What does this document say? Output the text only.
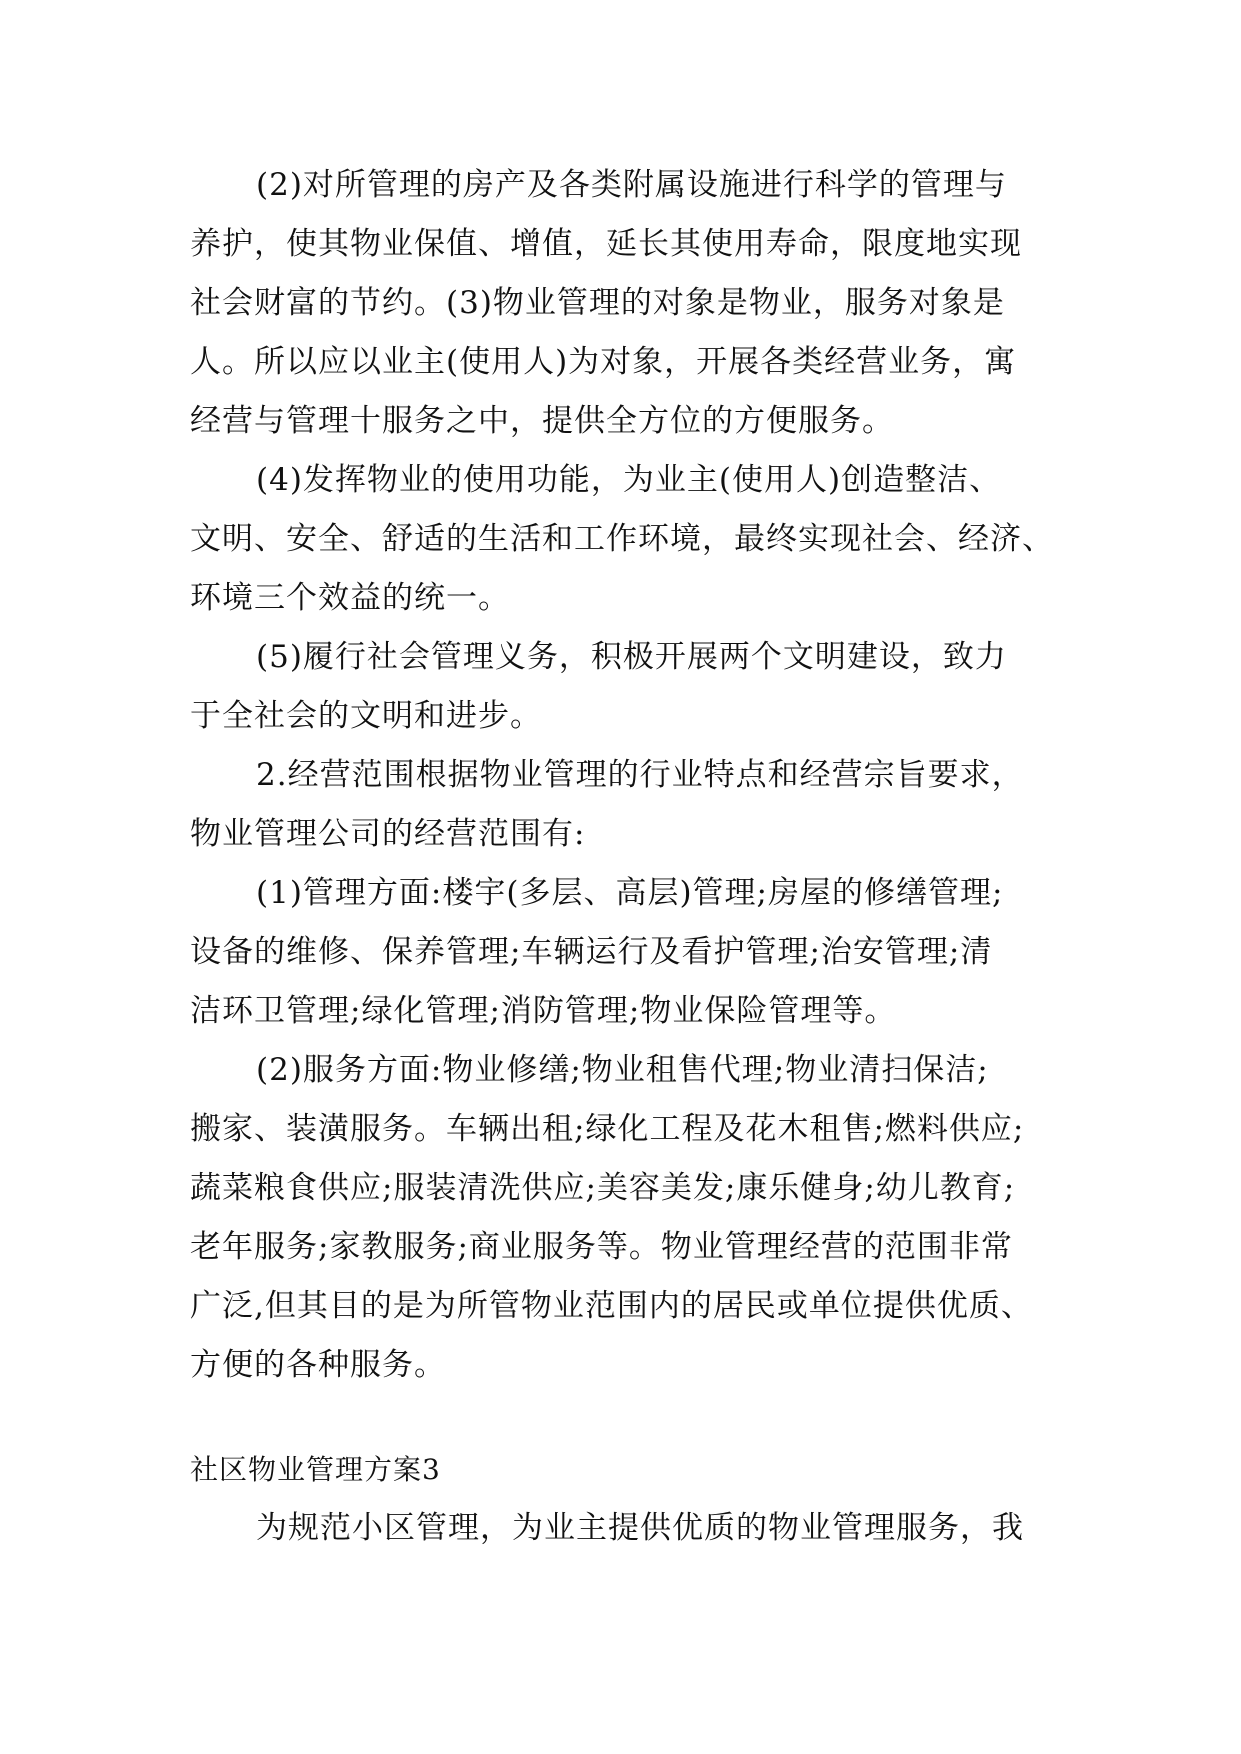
(2)对所管理的房产及各类附属设施进行科学的管理与
养护，使其物业保值、增值，延长其使用寿命，限度地实现
社会财富的节约。(3)物业管理的对象是物业，服务对象是
人。所以应以业主(使用人)为对象，开展各类经营业务，寓
经营与管理十服务之中，提供全方位的方便服务。
(4)发挥物业的使用功能，为业主(使用人)创造整洁、
文明、安全、舒适的生活和工作环境，最终实现社会、经济、
环境三个效益的统一。
(5)履行社会管理义务，积极开展两个文明建设，致力
于全社会的文明和进步。
2.经营范围根据物业管理的行业特点和经营宗旨要求，
物业管理公司的经营范围有:
(1)管理方面:楼宇(多层、高层)管理;房屋的修缮管理;
设备的维修、保养管理;车辆运行及看护管理;治安管理;清
洁环卫管理;绿化管理;消防管理;物业保险管理等。
(2)服务方面:物业修缮;物业租售代理;物业清扫保洁;
搬家、装潢服务。车辆出租;绿化工程及花木租售;燃料供应;
蔬菜粮食供应;服装清洗供应;美容美发;康乐健身;幼儿教育;
老年服务;家教服务;商业服务等。物业管理经营的范围非常
广泛,但其目的是为所管物业范围内的居民或单位提供优质、
方便的各种服务。
社区物业管理方案3
为规范小区管理，为业主提供优质的物业管理服务，我
